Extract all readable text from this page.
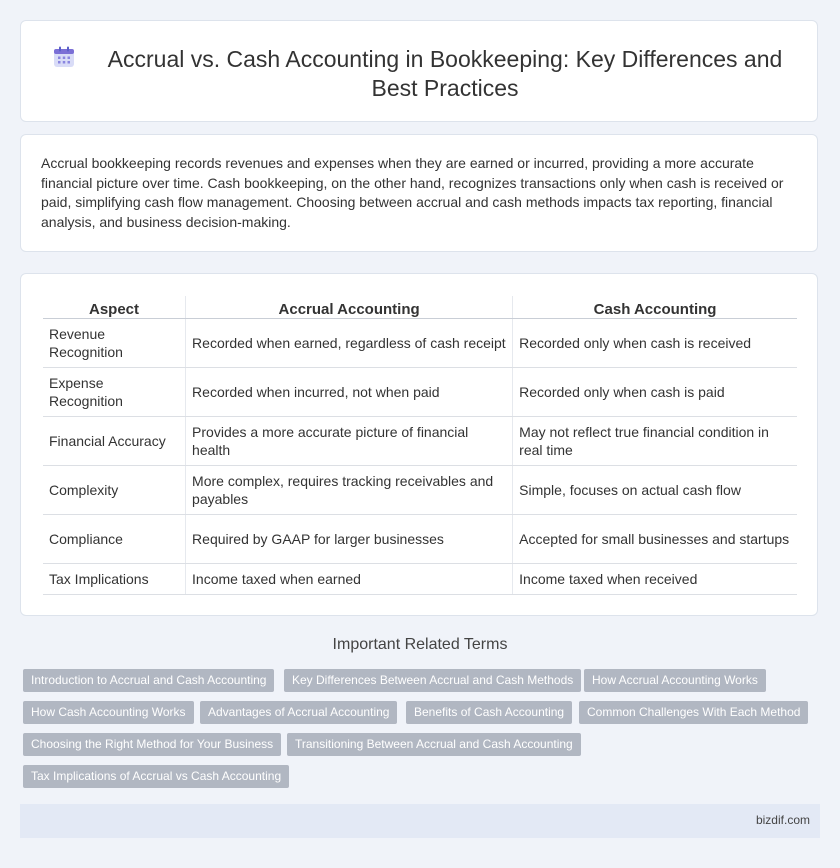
Accrual vs. Cash Accounting in Bookkeeping: Key Differences and Best Practices
Accrual bookkeeping records revenues and expenses when they are earned or incurred, providing a more accurate financial picture over time. Cash bookkeeping, on the other hand, recognizes transactions only when cash is received or paid, simplifying cash flow management. Choosing between accrual and cash methods impacts tax reporting, financial analysis, and business decision-making.
Aspect	Accrual Accounting	Cash Accounting
Revenue Recognition	Recorded when earned, regardless of cash receipt	Recorded only when cash is received
Expense Recognition	Recorded when incurred, not when paid	Recorded only when cash is paid
Financial Accuracy	Provides a more accurate picture of financial health	May not reflect true financial condition in real time
Complexity	More complex, requires tracking receivables and payables	Simple, focuses on actual cash flow
Compliance	Required by GAAP for larger businesses	Accepted for small businesses and startups
Tax Implications	Income taxed when earned	Income taxed when received
Important Related Terms
Introduction to Accrual and Cash Accounting	Key Differences Between Accrual and Cash Methods	How Accrual Accounting Works
How Cash Accounting Works	Advantages of Accrual Accounting	Benefits of Cash Accounting	Common Challenges With Each Method
Choosing the Right Method for Your Business	Transitioning Between Accrual and Cash Accounting
Tax Implications of Accrual vs Cash Accounting
bizdif.com
